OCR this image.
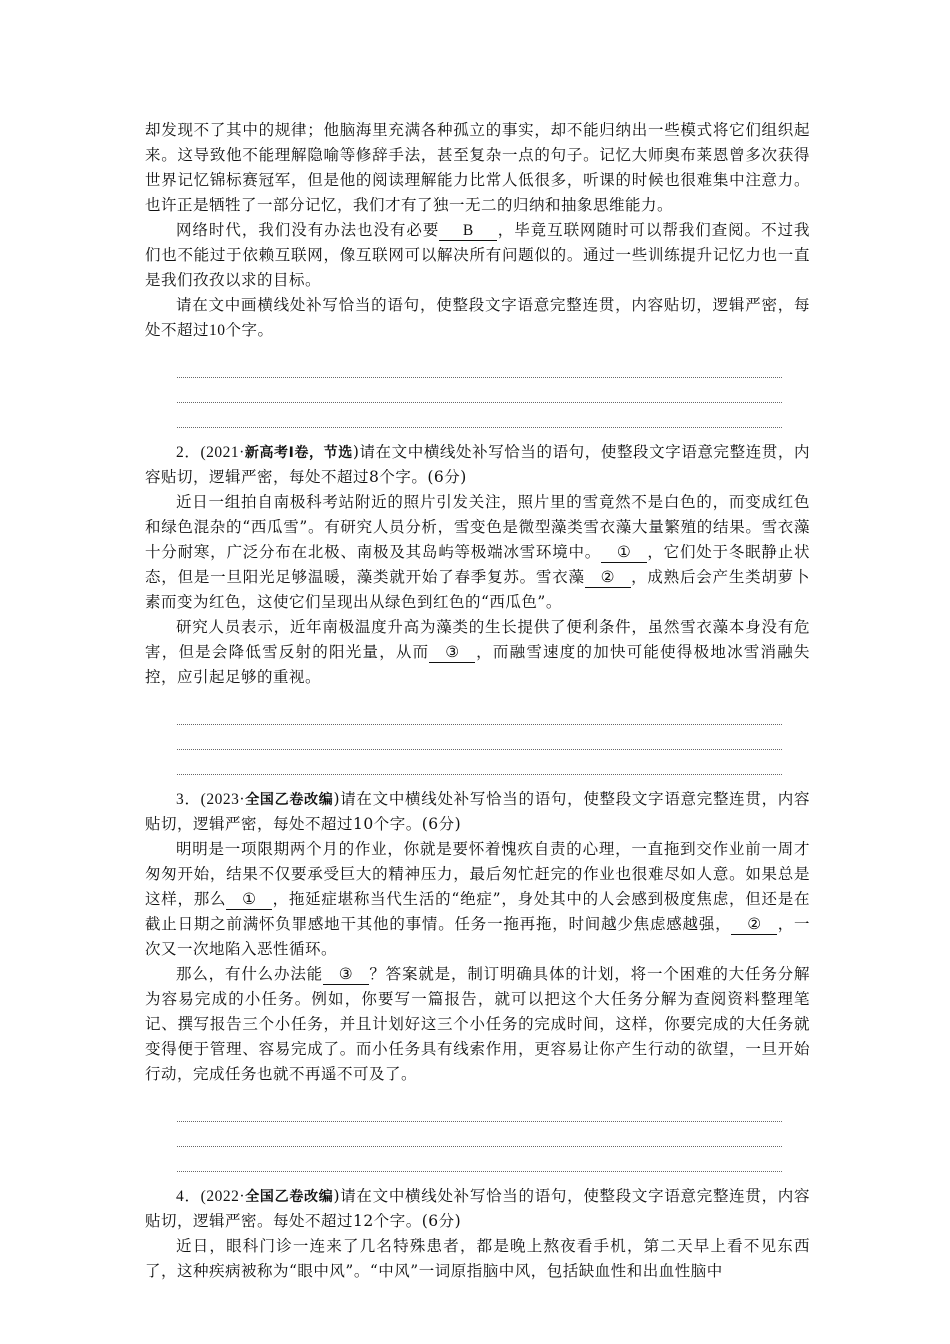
却发现不了其中的规律；他脑海里充满各种孤立的事实，却不能归纳出一些模式将它们组织起来。这导致他不能理解隐喻等修辞手法，甚至复杂一点的句子。记忆大师奥布莱恩曾多次获得世界记忆锦标赛冠军，但是他的阅读理解能力比常人低很多，听课的时候也很难集中注意力。也许正是牺牲了一部分记忆，我们才有了独一无二的归纳和抽象思维能力。

网络时代，我们没有办法也没有必要 B ，毕竟互联网随时可以帮我们查阅。不过我们也不能过于依赖互联网，像互联网可以解决所有问题似的。通过一些训练提升记忆力也一直是我们孜孜以求的目标。

请在文中画横线处补写恰当的语句，使整段文字语意完整连贯，内容贴切，逻辑严密，每处不超过10个字。

2．(2021·新高考Ⅰ卷，节选)请在文中横线处补写恰当的语句，使整段文字语意完整连贯，内容贴切，逻辑严密，每处不超过8个字。(6分)

近日一组拍自南极科考站附近的照片引发关注，照片里的雪竟然不是白色的，而变成红色和绿色混杂的“西瓜雪”。有研究人员分析，雪变色是微型藻类雪衣藻大量繁殖的结果。雪衣藻十分耐寒，广泛分布在北极、南极及其岛屿等极端冰雪环境中。 ① ，它们处于冬眠静止状态，但是一旦阳光足够温暖，藻类就开始了春季复苏。雪衣藻 ② ，成熟后会产生类胡萝卜素而变为红色，这使它们呈现出从绿色到红色的“西瓜色”。

研究人员表示，近年南极温度升高为藻类的生长提供了便利条件，虽然雪衣藻本身没有危害，但是会降低雪反射的阳光量，从而 ③ ，而融雪速度的加快可能使得极地冰雪消融失控，应引起足够的重视。

3．(2023·全国乙卷改编)请在文中横线处补写恰当的语句，使整段文字语意完整连贯，内容贴切，逻辑严密，每处不超过10个字。(6分)

明明是一项限期两个月的作业，你就是要怀着愧疚自责的心理，一直拖到交作业前一周才匆匆开始，结果不仅要承受巨大的精神压力，最后匆忙赶完的作业也很难尽如人意。如果总是这样，那么 ① ，拖延症堪称当代生活的“绝症”，身处其中的人会感到极度焦虑，但还是在截止日期之前满怀负罪感地干其他的事情。任务一拖再拖，时间越少焦虑感越强， ② ，一次又一次地陷入恶性循环。

那么，有什么办法能 ③ ？答案就是，制订明确具体的计划，将一个困难的大任务分解为容易完成的小任务。例如，你要写一篇报告，就可以把这个大任务分解为查阅资料整理笔记、撰写报告三个小任务，并且计划好这三个小任务的完成时间，这样，你要完成的大任务就变得便于管理、容易完成了。而小任务具有线索作用，更容易让你产生行动的欲望，一旦开始行动，完成任务也就不再遥不可及了。

4．(2022·全国乙卷改编)请在文中横线处补写恰当的语句，使整段文字语意完整连贯，内容贴切，逻辑严密。每处不超过12个字。(6分)

近日，眼科门诊一连来了几名特殊患者，都是晚上熬夜看手机，第二天早上看不见东西了，这种疾病被称为“眼中风”。“中风”一词原指脑中风，包括缺血性和出血性脑中
